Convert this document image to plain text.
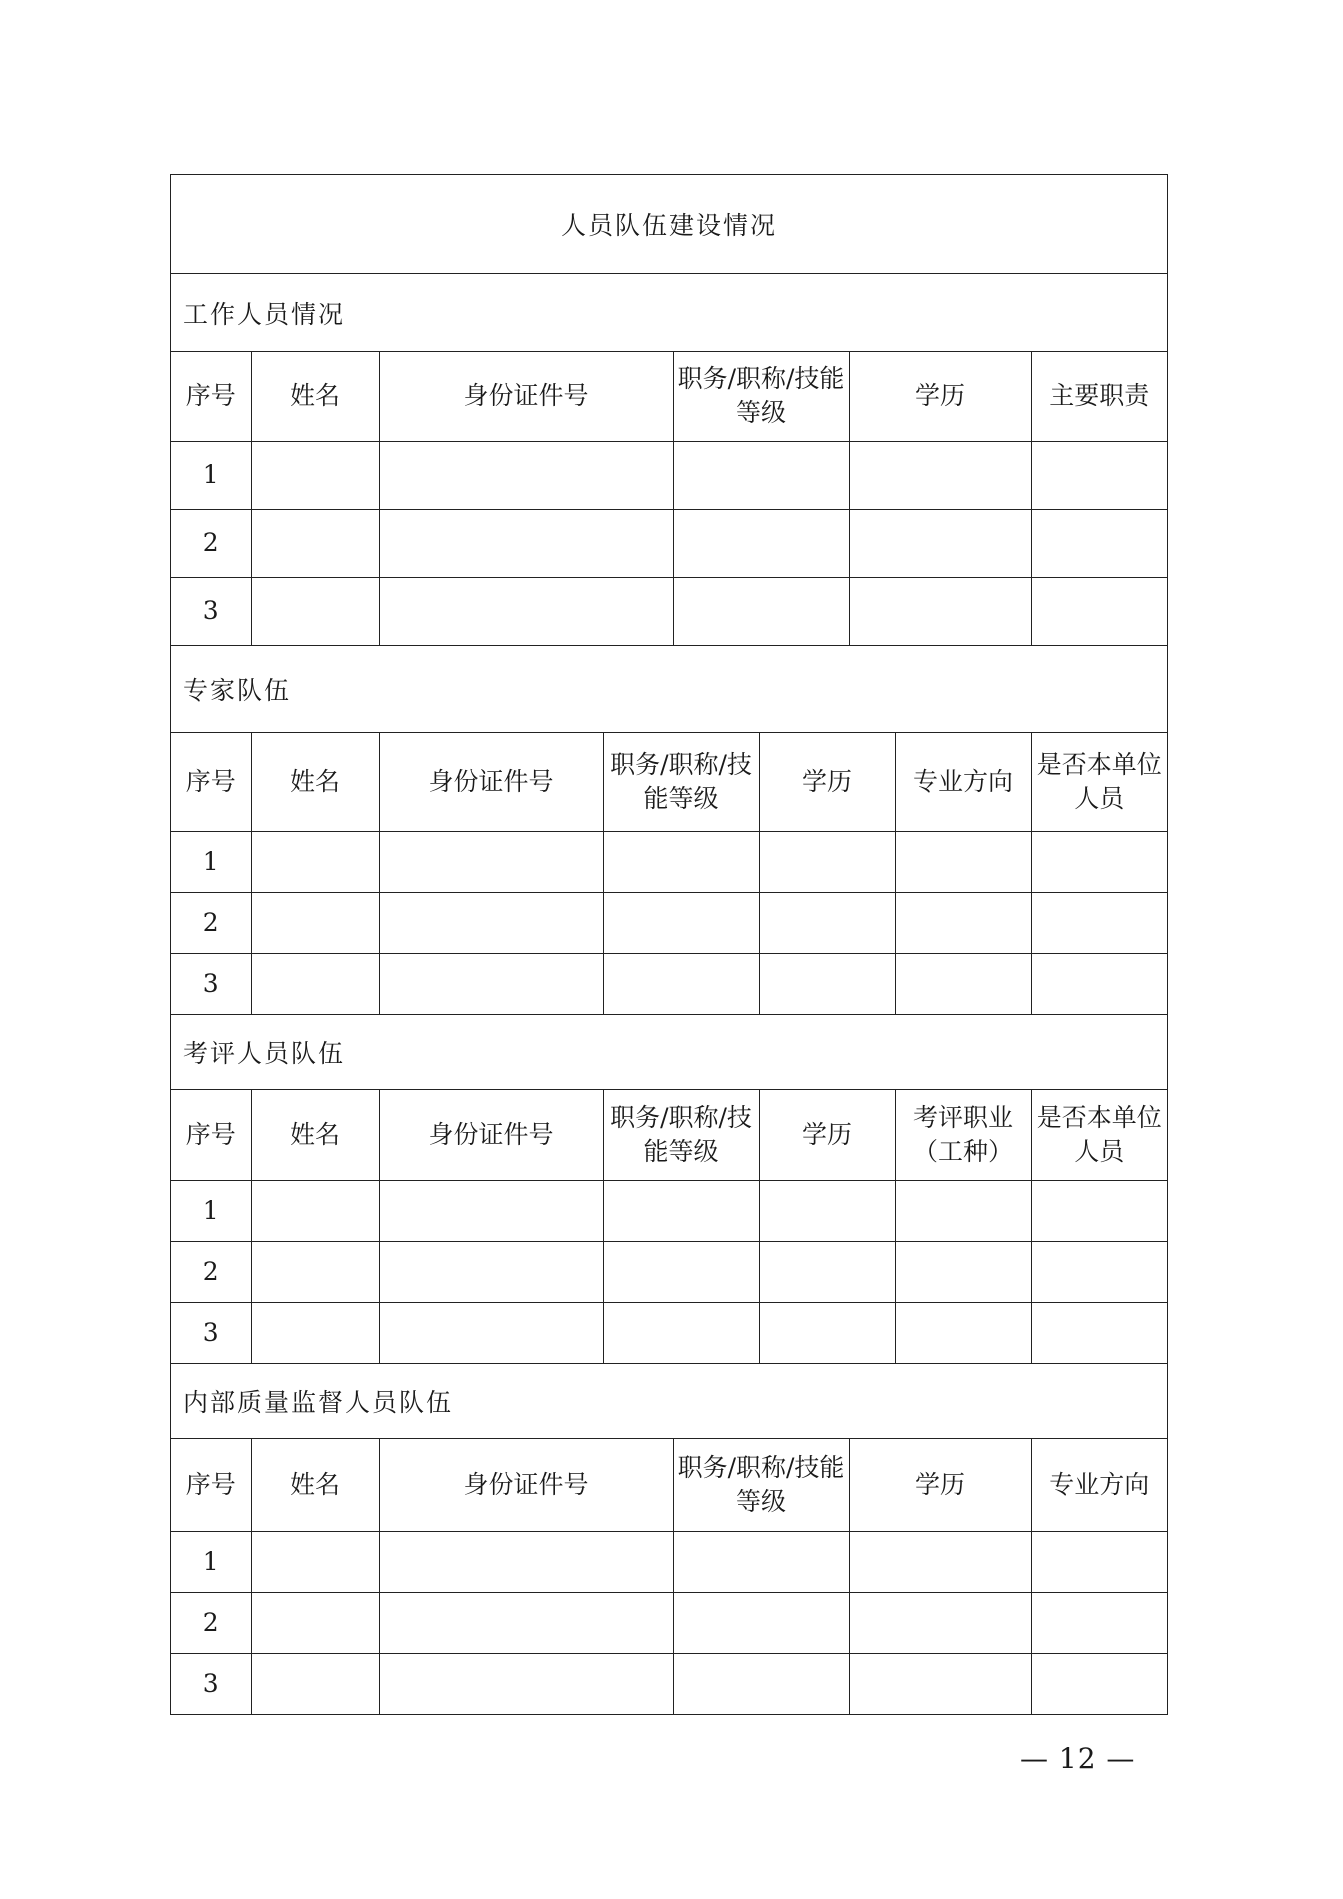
人员队伍建设情况
工作人员情况
序号	姓名	身份证件号	职务/职称/技能等级	学历	主要职责
1					
2					
3					
专家队伍
序号	姓名	身份证件号	职务/职称/技能等级	学历	专业方向	是否本单位人员
1						
2						
3						
考评人员队伍
序号	姓名	身份证件号	职务/职称/技能等级	学历	考评职业（工种）	是否本单位人员
1						
2						
3						
内部质量监督人员队伍
序号	姓名	身份证件号	职务/职称/技能等级	学历	专业方向
1					
2					
3					
— 12 —
